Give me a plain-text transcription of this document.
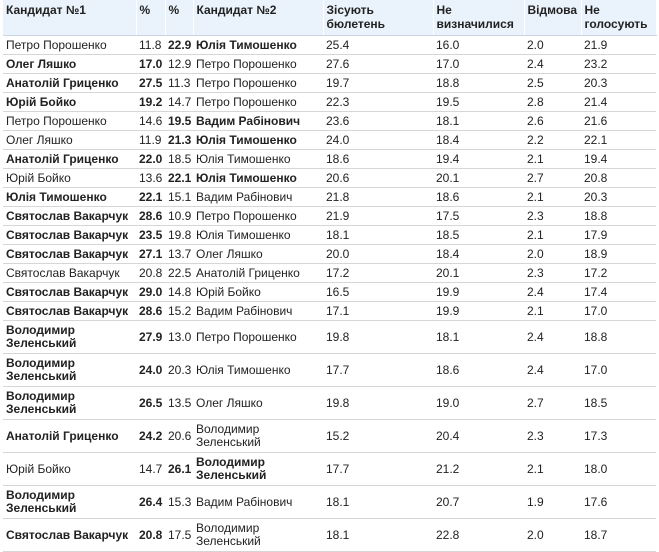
Кандидат №1	%	%	Кандидат №2	Зiсують бюлетень	Не визначилися	Відмова	Не голосують
Петро Порошенко	11.8	22.9	Юлія Тимошенко	25.4	16.0	2.0	21.9
Олег Ляшко	17.0	12.9	Петро Порошенко	27.6	17.0	2.4	23.2
Анатолій Гриценко	27.5	11.3	Петро Порошенко	19.7	18.8	2.5	20.3
Юрій Бойко	19.2	14.7	Петро Порошенко	22.3	19.5	2.8	21.4
Петро Порошенко	14.6	19.5	Вадим Рабінович	23.6	18.1	2.6	21.6
Олег Ляшко	11.9	21.3	Юлія Тимошенко	24.0	18.4	2.2	22.1
Анатолій Гриценко	22.0	18.5	Юлія Тимошенко	18.6	19.4	2.1	19.4
Юрій Бойко	13.6	22.1	Юлія Тимошенко	20.6	20.1	2.7	20.8
Юлія Тимошенко	22.1	15.1	Вадим Рабінович	21.8	18.6	2.1	20.3
Святослав Вакарчук	28.6	10.9	Петро Порошенко	21.9	17.5	2.3	18.8
Святослав Вакарчук	23.5	19.8	Юлія Тимошенко	18.1	18.5	2.1	17.9
Святослав Вакарчук	27.1	13.7	Олег Ляшко	20.0	18.4	2.0	18.9
Святослав Вакарчук	20.8	22.5	Анатолій Гриценко	17.2	20.1	2.3	17.2
Святослав Вакарчук	29.0	14.8	Юрій Бойко	16.5	19.9	2.4	17.4
Святослав Вакарчук	28.6	15.2	Вадим Рабінович	17.1	19.9	2.1	17.0
Володимир Зеленський	27.9	13.0	Петро Порошенко	19.8	18.1	2.4	18.8
Володимир Зеленський	24.0	20.3	Юлія Тимошенко	17.7	18.6	2.4	17.0
Володимир Зеленський	26.5	13.5	Олег Ляшко	19.8	19.0	2.7	18.5
Анатолій Гриценко	24.2	20.6	Володимир Зеленський	15.2	20.4	2.3	17.3
Юрій Бойко	14.7	26.1	Володимир Зеленський	17.7	21.2	2.1	18.0
Володимир Зеленський	26.4	15.3	Вадим Рабінович	18.1	20.7	1.9	17.6
Святослав Вакарчук	20.8	17.5	Володимир Зеленський	18.1	22.8	2.0	18.7
